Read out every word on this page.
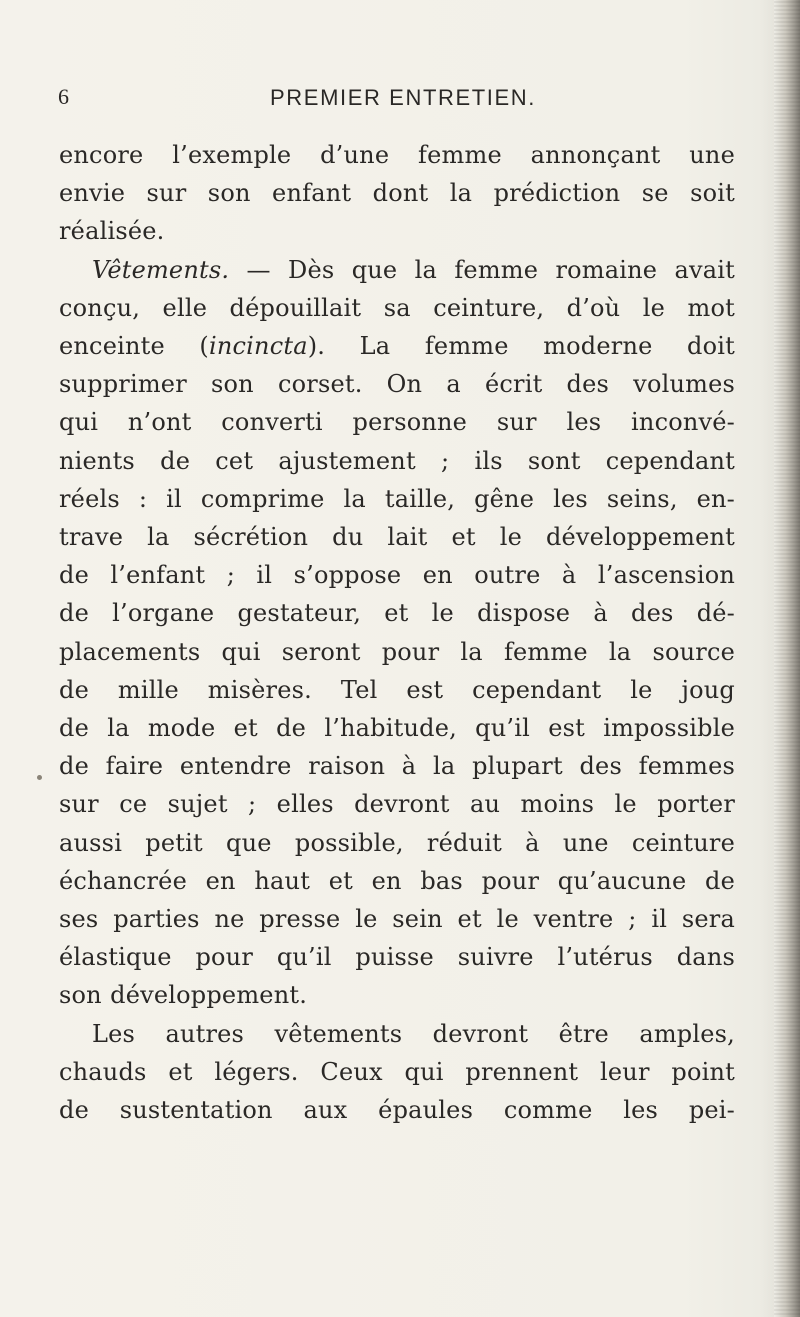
6	PREMIER ENTRETIEN.
encore l’exemple d’une femme annonçant une
envie sur son enfant dont la prédiction se soit
réalisée.
Vêtements. — Dès que la femme romaine avait
conçu, elle dépouillait sa ceinture, d’où le mot
enceinte (incincta). La femme moderne doit
supprimer son corset. On a écrit des volumes
qui n’ont converti personne sur les inconvé-
nients de cet ajustement ; ils sont cependant
réels : il comprime la taille, gêne les seins, en-
trave la sécrétion du lait et le développement
de l’enfant ; il s’oppose en outre à l’ascension
de l’organe gestateur, et le dispose à des dé-
placements qui seront pour la femme la source
de mille misères. Tel est cependant le joug
de la mode et de l’habitude, qu’il est impossible
de faire entendre raison à la plupart des femmes
sur ce sujet ; elles devront au moins le porter
aussi petit que possible, réduit à une ceinture
échancrée en haut et en bas pour qu’aucune de
ses parties ne presse le sein et le ventre ; il sera
élastique pour qu’il puisse suivre l’utérus dans
son développement.
Les autres vêtements devront être amples,
chauds et légers. Ceux qui prennent leur point
de sustentation aux épaules comme les pei-
